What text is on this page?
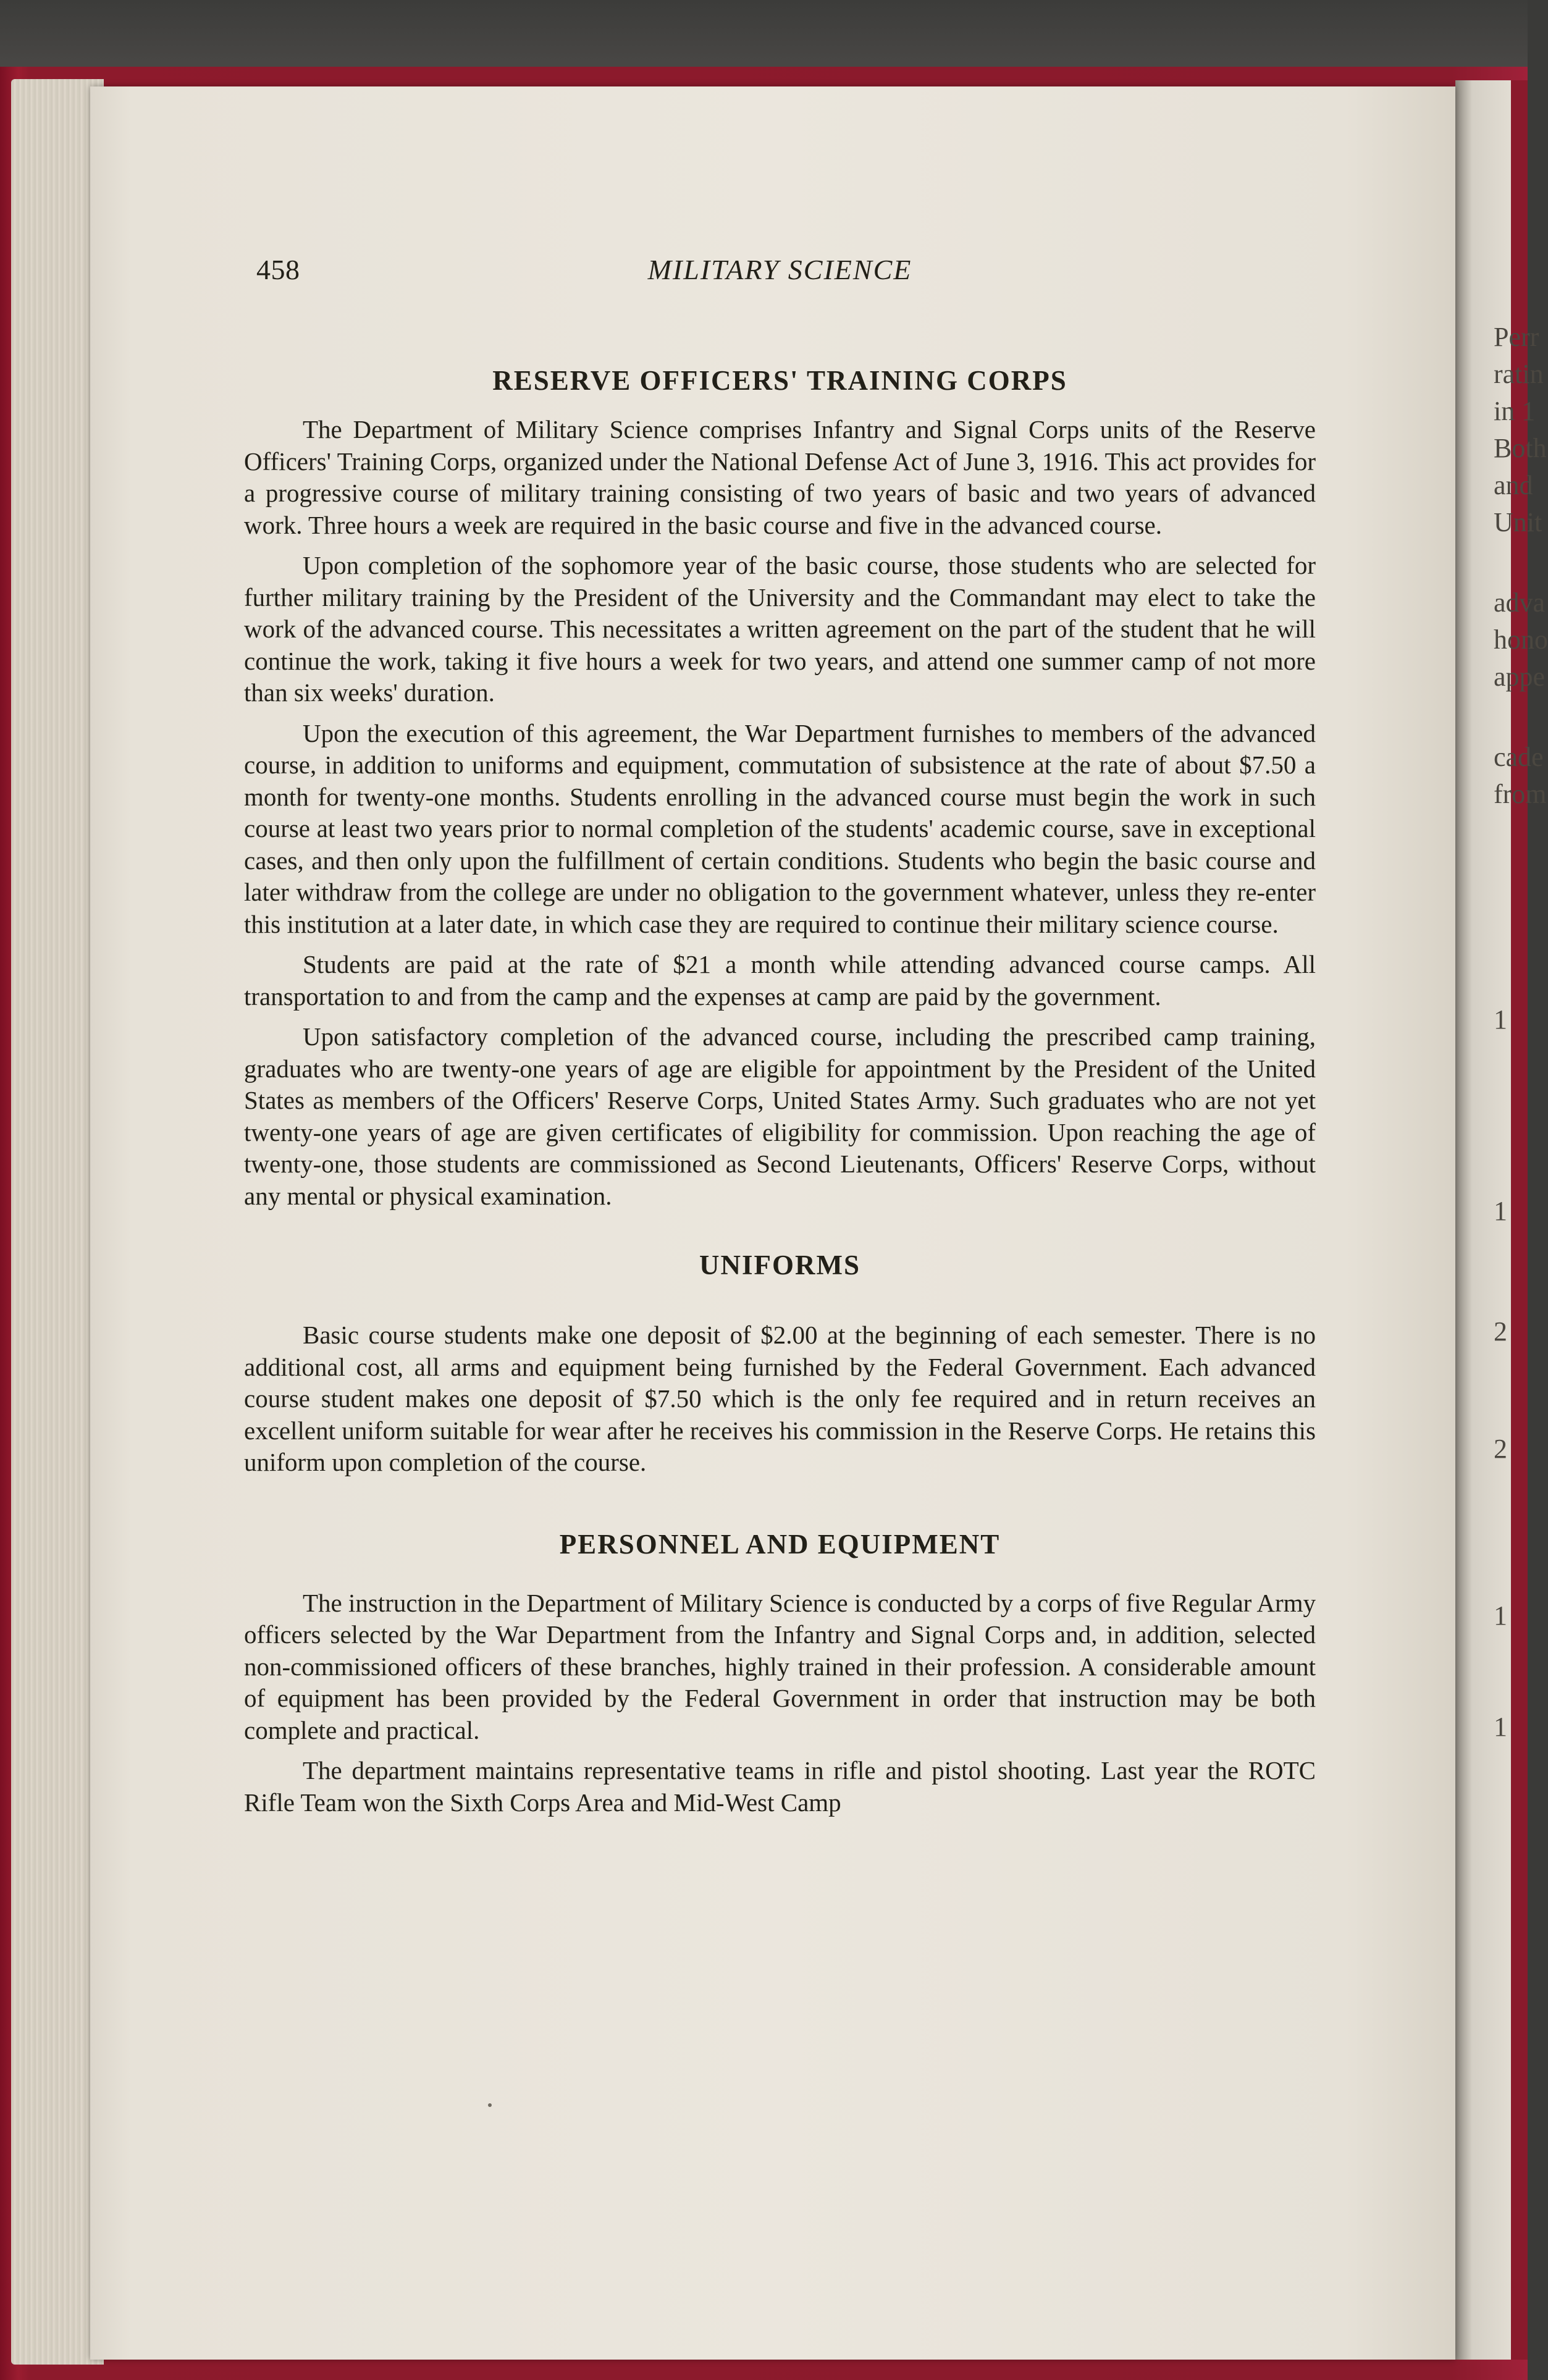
Perr
ratin
in 1
Both
and
Unit
adva
hono
appe
cade
from
1
1
2
2
1
1
458	MILITARY SCIENCE
RESERVE OFFICERS' TRAINING CORPS

The Department of Military Science comprises Infantry and Signal Corps units of the Reserve Officers' Training Corps, organized under the National Defense Act of June 3, 1916. This act provides for a progressive course of military training consisting of two years of basic and two years of advanced work. Three hours a week are required in the basic course and five in the advanced course.

Upon completion of the sophomore year of the basic course, those students who are selected for further military training by the President of the University and the Commandant may elect to take the work of the advanced course. This necessitates a written agreement on the part of the student that he will continue the work, taking it five hours a week for two years, and attend one summer camp of not more than six weeks' duration.

Upon the execution of this agreement, the War Department furnishes to members of the advanced course, in addition to uniforms and equipment, commutation of subsistence at the rate of about $7.50 a month for twenty-one months. Students enrolling in the advanced course must begin the work in such course at least two years prior to normal completion of the students' academic course, save in exceptional cases, and then only upon the fulfillment of certain conditions. Students who begin the basic course and later withdraw from the college are under no obligation to the government whatever, unless they re-enter this institution at a later date, in which case they are required to continue their military science course.

Students are paid at the rate of $21 a month while attending advanced course camps. All transportation to and from the camp and the expenses at camp are paid by the government.

Upon satisfactory completion of the advanced course, including the prescribed camp training, graduates who are twenty-one years of age are eligible for appointment by the President of the United States as members of the Officers' Reserve Corps, United States Army. Such graduates who are not yet twenty-one years of age are given certificates of eligibility for commission. Upon reaching the age of twenty-one, those students are commissioned as Second Lieutenants, Officers' Reserve Corps, without any mental or physical examination.

UNIFORMS

Basic course students make one deposit of $2.00 at the beginning of each semester. There is no additional cost, all arms and equipment being furnished by the Federal Government. Each advanced course student makes one deposit of $7.50 which is the only fee required and in return receives an excellent uniform suitable for wear after he receives his commission in the Reserve Corps. He retains this uniform upon completion of the course.

PERSONNEL AND EQUIPMENT

The instruction in the Department of Military Science is conducted by a corps of five Regular Army officers selected by the War Department from the Infantry and Signal Corps and, in addition, selected non-commissioned officers of these branches, highly trained in their profession. A considerable amount of equipment has been provided by the Federal Government in order that instruction may be both complete and practical.

The department maintains representative teams in rifle and pistol shooting. Last year the ROTC Rifle Team won the Sixth Corps Area and Mid-West Camp
